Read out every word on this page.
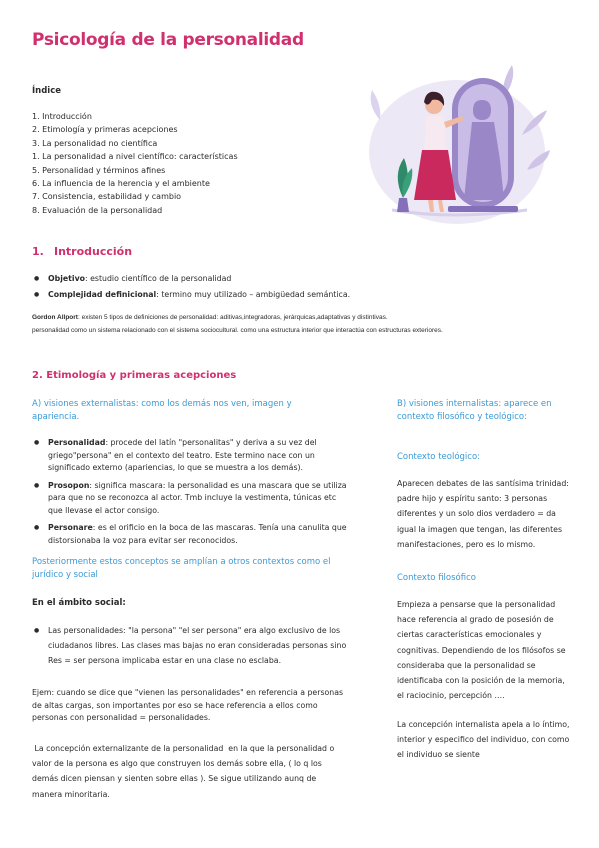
Psicología de la personalidad
Índice
1. Introducción
2. Etimología y primeras acepciones
3. La personalidad no científica
1. La personalidad a nivel científico: características
5. Personalidad y términos afines
6. La influencia de la herencia y el ambiente
7. Consistencia, estabilidad y cambio
8. Evaluación de la personalidad
1. Introducción
● Objetivo: estudio científico de la personalidad
● Complejidad definicional: termino muy utilizado – ambigüedad semántica.
Gordon Allport: existen 5 tipos de definiciones de personalidad: aditivas,integradoras, jerárquicas,adaptativas y distintivas.
personalidad como un sistema relacionado con el sistema sociocultural. como una estructura interior que interactúa con estructuras exteriores.
2. Etimología y primeras acepciones
A) visiones externalistas: como los demás nos ven, imagen y apariencia.
● Personalidad: procede del latín "personalitas" y deriva a su vez del griego"persona" en el contexto del teatro. Este termino nace con un significado externo (apariencias, lo que se muestra a los demás).
● Prosopon: significa mascara: la personalidad es una mascara que se utiliza para que no se reconozca al actor. Tmb incluye la vestimenta, túnicas etc que llevase el actor consigo.
● Personare: es el orificio en la boca de las mascaras. Tenía una canulita que distorsionaba la voz para evitar ser reconocidos.
Posteriormente estos conceptos se amplían a otros contextos como el jurídico y social
En el ámbito social:
● Las personalidades: "la persona" "el ser persona" era algo exclusivo de los ciudadanos libres. Las clases mas bajas no eran consideradas personas sino Res = ser persona implicaba estar en una clase no esclaba.

Ejem: cuando se dice que "vienen las personalidades" en referencia a personas de altas cargas, son importantes por eso se hace referencia a ellos como personas con personalidad = personalidades.

La concepción externalizante de la personalidad  en la que la personalidad o valor de la persona es algo que construyen los demás sobre ella, ( lo q los demás dicen piensan y sienten sobre ellas ). Se sigue utilizando aunq de manera minoritaria.

B) visiones internalistas: aparece en contexto filosófico y teológico:
Contexto teológico:

Aparecen debates de las santísima trinidad: padre hijo y espíritu santo: 3 personas diferentes y un solo dios verdadero = da igual la imagen que tengan, las diferentes manifestaciones, pero es lo mismo.

Contexto filosófico

Empieza a pensarse que la personalidad hace referencia al grado de posesión de ciertas características emocionales y cognitivas. Dependiendo de los filósofos se consideraba que la personalidad se identificaba con la posición de la memoria, el raciocinio, percepción ….

La concepción internalista apela a lo íntimo, interior y especifico del individuo, con como el individuo se siente
